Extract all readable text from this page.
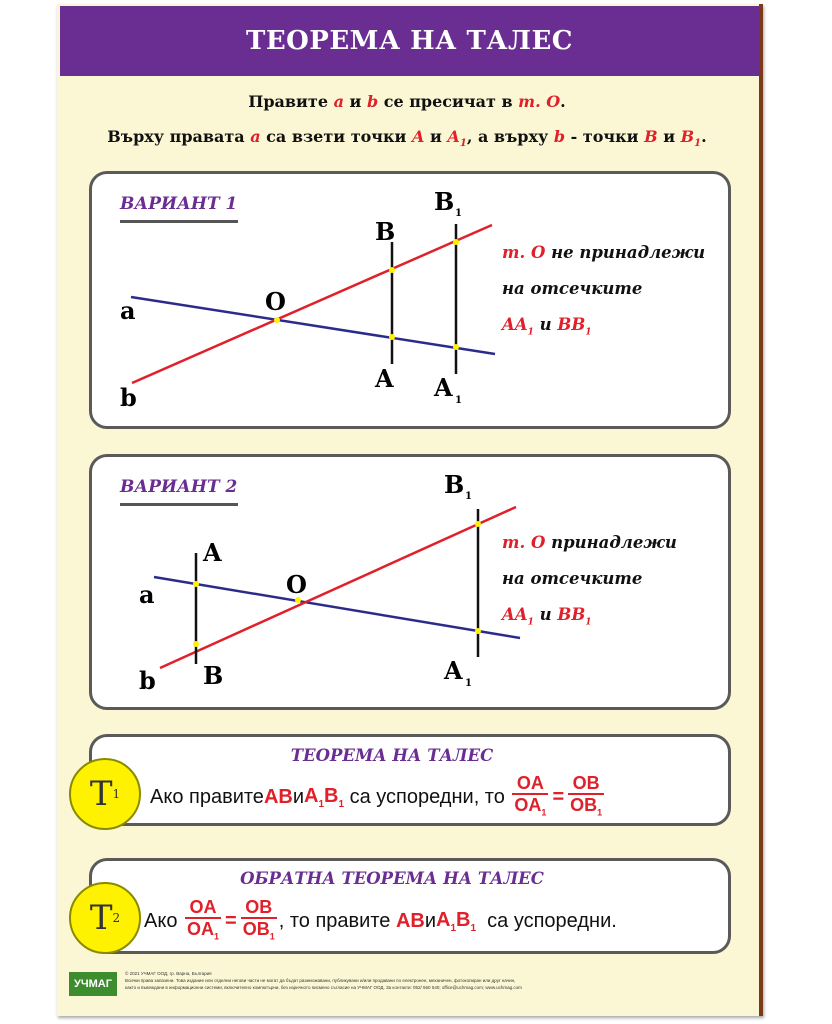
ТЕОРЕМА НА ТАЛЕС
Правите a и b се пресичат в т. О.
Върху правата a са взети точки A и $A_1$, а върху b - точки B и $B_1$.
ВАРИАНТ 1
a
b
O
B
A
B 1
A 1
т. О не принадлежи
на отсечките
$AA_1$ и $BB_1$
ВАРИАНТ 2
a
b
O
A
B
B 1
A 1
т. О принадлежи
на отсечките
$AA_1$ и $BB_1$
ТЕОРЕМА НА ТАЛЕС
Ако правите AB и $A_1B_1$ са успоредни, то $\frac{OA}{OA_1} = \frac{OB}{OB_1}$
T 1
ОБРАТНА ТЕОРЕМА НА ТАЛЕС
Ако $\frac{OA}{OA_1} = \frac{OB}{OB_1}$ , то правите AB и $A_1B_1$ са успоредни.
T 2
УЧМАГ
© 2021 УЧМАГ ООД, гр. Варна, България
Всички права запазени. Това издание или отделни негови части не могат да бъдат размножавани, публикувани и/или продавани по електронен, механичен, фотокопиран или друг начин,
както и въвеждани в информационни системи, включително компютърни, без изричното писмено съгласие на УЧМАГ ООД. За контакти: 052/ 560 540; office@uchmag.com; www.uchmag.com
